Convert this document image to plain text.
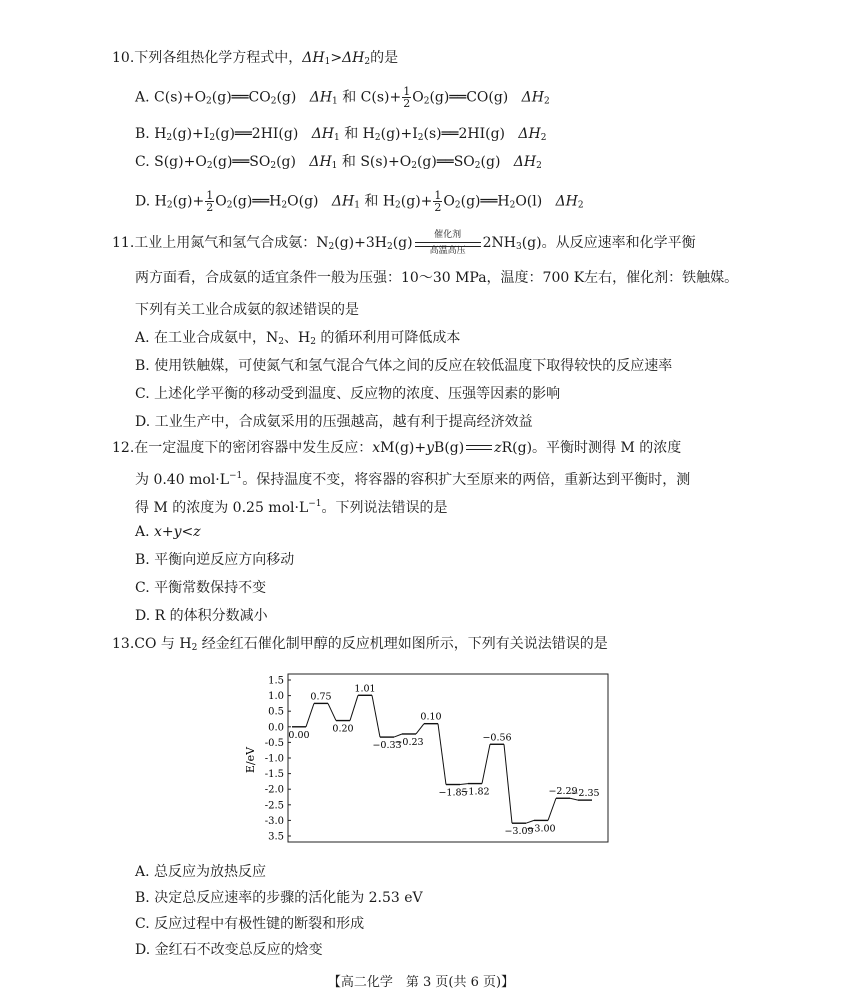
10.下列各组热化学方程式中，$\Delta H_1>\Delta H_2$的是
A. $C(s)+O_2(g)══CO_2(g)$ $\Delta H_1$ 和 $C(s)+ \frac{1}{2}$ $O_2(g)══CO(g)$ $\Delta H_2$
B. $H_2(g)+I_2(g)══2HI(g)$ $\Delta H_1$ 和 $H_2(g)+I_2(s)══2HI(g)$ $\Delta H_2$
C. $S(g)+O_2(g)══SO_2(g)$ $\Delta H_1$ 和 $S(s)+O_2(g)══SO_2(g)$ $\Delta H_2$
D. $H_2(g)+ \frac{1}{2}$ $O_2(g)══H_2O(g)$ $\Delta H_1$ 和 $H_2(g)+ \frac{1}{2}$ $O_2(g)══H_2O(l)$ $\Delta H_2$
11.工业上用氮气和氢气合成氨：$N_2(g)+3H_2(g)$	催化剂
高温高压	$2NH_3(g)$。从反应速率和化学平衡
两方面看，合成氨的适宜条件一般为压强：10～30 MPa，温度：700 K左右，催化剂：铁触媒。
下列有关工业合成氨的叙述错误的是
A. 在工业合成氨中，$N_2$、$H_2$ 的循环利用可降低成本
B. 使用铁触媒，可使氮气和氢气混合气体之间的反应在较低温度下取得较快的反应速率
C. 上述化学平衡的移动受到温度、反应物的浓度、压强等因素的影响
D. 工业生产中，合成氨采用的压强越高，越有利于提高经济效益
12.在一定温度下的密闭容器中发生反应：xM(g)+yB(g) zR(g)。平衡时测得 M 的浓度
为 0.40 $mol\cdot L^{-1}$。保持温度不变，将容器的容积扩大至原来的两倍，重新达到平衡时，测
得 M 的浓度为 0.25 $mol\cdot L^{-1}$。下列说法错误的是
A. x+y<z
B. 平衡向逆反应方向移动
C. 平衡常数保持不变
D. R 的体积分数减小
13.CO 与 $H_2$ 经金红石催化制甲醇的反应机理如图所示，下列有关说法错误的是
1.5
1.0
0.5
0.0
-0.5
-1.0
-1.5
-2.0
-2.5
-3.0
3.5
E/eV
0.00
0.75
0.20
1.01
−0.33
−0.23
0.10
−1.85
−1.82
−0.56
−3.09
−3.00
−2.29
−2.35
A. 总反应为放热反应
B. 决定总反应速率的步骤的活化能为 2.53 eV
C. 反应过程中有极性键的断裂和形成
D. 金红石不改变总反应的焓变
【高二化学　第 3 页(共 6 页)】
